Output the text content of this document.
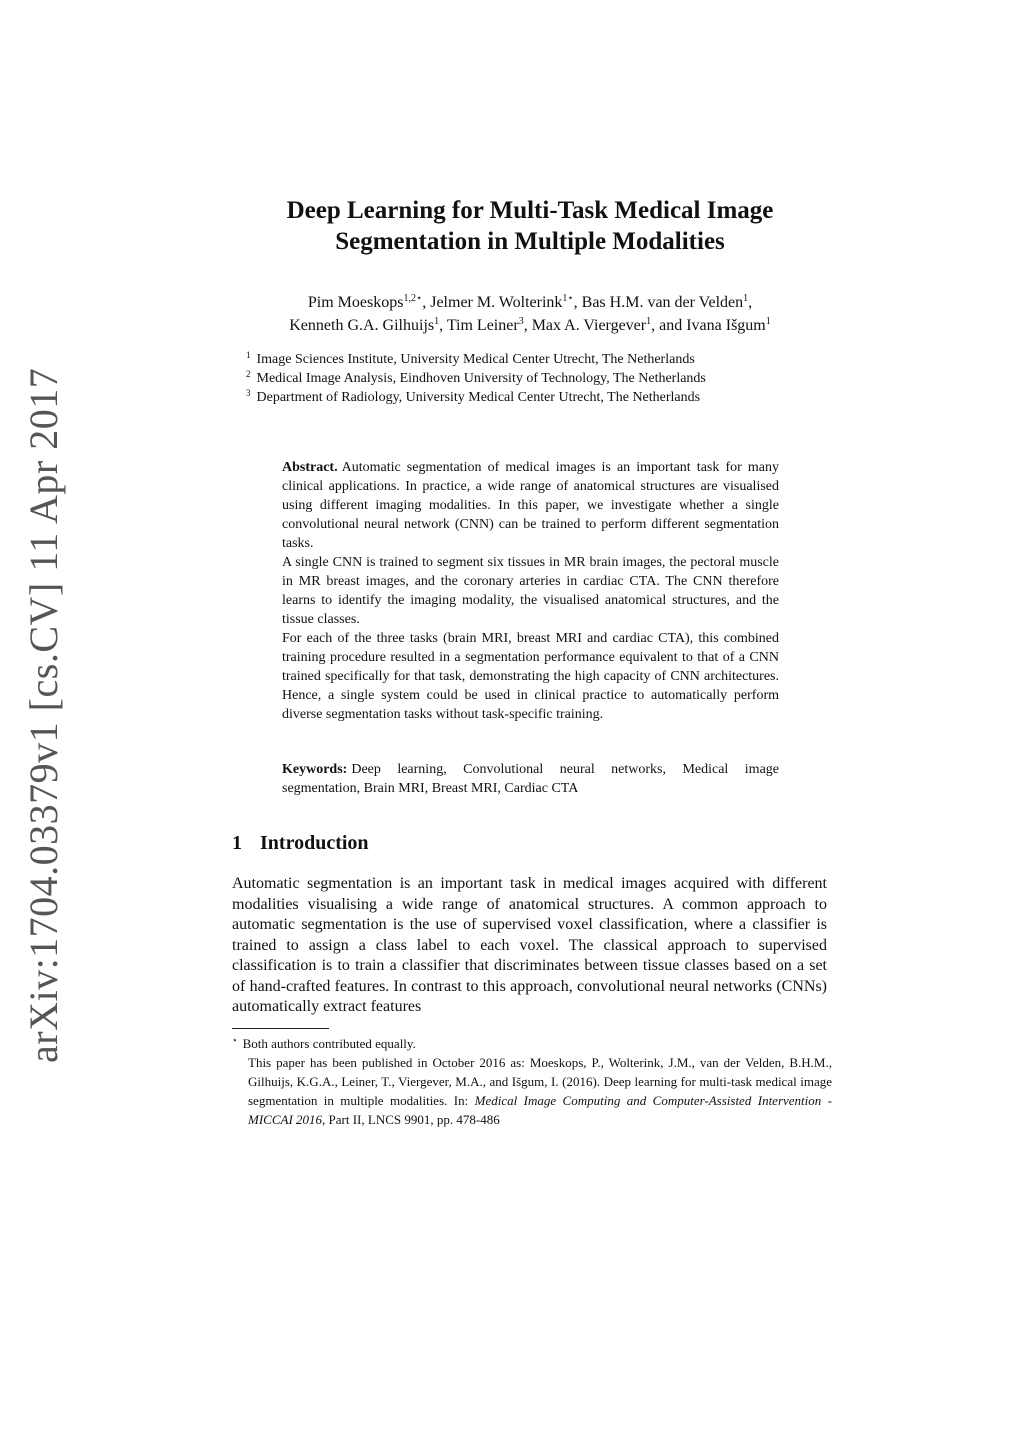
arXiv:1704.03379v1 [cs.CV] 11 Apr 2017
Deep Learning for Multi-Task Medical Image
Segmentation in Multiple Modalities
Pim Moeskops$^{1,2⋆}$, Jelmer M. Wolterink$^{1⋆}$, Bas H.M. van der Velden$^1$,
Kenneth G.A. Gilhuijs$^1$, Tim Leiner$^3$, Max A. Viergever$^1$, and Ivana Išgum$^1$
$^1$ Image Sciences Institute, University Medical Center Utrecht, The Netherlands
$^2$ Medical Image Analysis, Eindhoven University of Technology, The Netherlands
$^3$ Department of Radiology, University Medical Center Utrecht, The Netherlands

Abstract. Automatic segmentation of medical images is an important task for many clinical applications. In practice, a wide range of anatomical structures are visualised using different imaging modalities. In this paper, we investigate whether a single convolutional neural network (CNN) can be trained to perform different segmentation tasks.

A single CNN is trained to segment six tissues in MR brain images, the pectoral muscle in MR breast images, and the coronary arteries in cardiac CTA. The CNN therefore learns to identify the imaging modality, the visualised anatomical structures, and the tissue classes.

For each of the three tasks (brain MRI, breast MRI and cardiac CTA), this combined training procedure resulted in a segmentation performance equivalent to that of a CNN trained specifically for that task, demonstrating the high capacity of CNN architectures. Hence, a single system could be used in clinical practice to automatically perform diverse segmentation tasks without task-specific training.

Keywords: Deep learning, Convolutional neural networks, Medical image segmentation, Brain MRI, Breast MRI, Cardiac CTA
1 Introduction

Automatic segmentation is an important task in medical images acquired with different modalities visualising a wide range of anatomical structures. A common approach to automatic segmentation is the use of supervised voxel classification, where a classifier is trained to assign a class label to each voxel. The classical approach to supervised classification is to train a classifier that discriminates between tissue classes based on a set of hand-crafted features. In contrast to this approach, convolutional neural networks (CNNs) automatically extract features

⋆ Both authors contributed equally.
This paper has been published in October 2016 as: Moeskops, P., Wolterink, J.M., van der Velden, B.H.M., Gilhuijs, K.G.A., Leiner, T., Viergever, M.A., and Išgum, I. (2016). Deep learning for multi-task medical image segmentation in multiple modalities. In: Medical Image Computing and Computer-Assisted Intervention - MICCAI 2016, Part II, LNCS 9901, pp. 478-486
